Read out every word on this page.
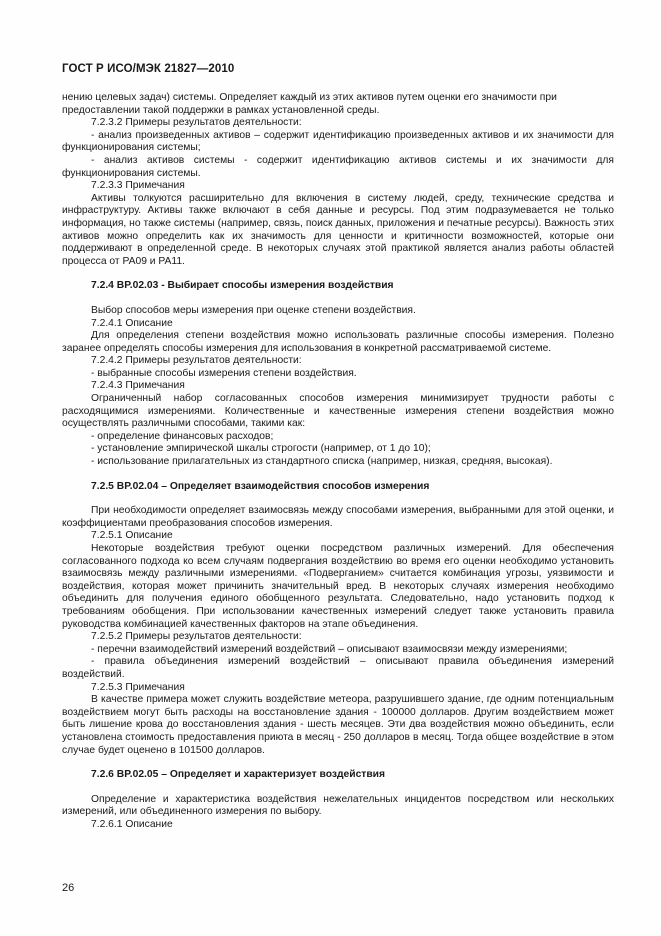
ГОСТ Р ИСО/МЭК 21827—2010

нению целевых задач) системы. Определяет каждый из этих активов путем оценки его значимости при предоставлении такой поддержки в рамках установленной среды.

7.2.3.2 Примеры результатов деятельности:

- анализ произведенных активов – содержит идентификацию произведенных активов и их значимости для функционирования системы;

- анализ активов системы - содержит идентификацию активов системы и их значимости для функционирования системы.

7.2.3.3 Примечания

Активы толкуются расширительно для включения в систему людей, среду, технические средства и инфраструктуру. Активы также включают в себя данные и ресурсы. Под этим подразумевается не только информация, но также системы (например, связь, поиск данных, приложения и печатные ресурсы). Важность этих активов можно определить как их значимость для ценности и критичности возможностей, которые они поддерживают в определенной среде. В некоторых случаях этой практикой является анализ работы областей процесса от PA09 и PA11.

7.2.4 BP.02.03 - Выбирает способы измерения воздействия

Выбор способов меры измерения при оценке степени воздействия.

7.2.4.1 Описание

Для определения степени воздействия можно использовать различные способы измерения. Полезно заранее определять способы измерения для использования в конкретной рассматриваемой системе.

7.2.4.2 Примеры результатов деятельности:

- выбранные способы измерения степени воздействия.

7.2.4.3 Примечания

Ограниченный набор согласованных способов измерения минимизирует трудности работы с расходящимися измерениями. Количественные и качественные измерения степени воздействия можно осуществлять различными способами, такими как:

- определение финансовых расходов;

- установление эмпирической шкалы строгости (например, от 1 до 10);

- использование прилагательных из стандартного списка (например, низкая, средняя, высокая).

7.2.5 BP.02.04 – Определяет взаимодействия способов измерения

При необходимости определяет взаимосвязь между способами измерения, выбранными для этой оценки, и коэффициентами преобразования способов измерения.

7.2.5.1 Описание

Некоторые воздействия требуют оценки посредством различных измерений. Для обеспечения согласованного подхода ко всем случаям подвергания воздействию во время его оценки необходимо установить взаимосвязь между различными измерениями. «Подверганием» считается комбинация угрозы, уязвимости и воздействия, которая может причинить значительный вред. В некоторых случаях измерения необходимо объединить для получения единого обобщенного результата. Следовательно, надо установить подход к требованиям обобщения. При использовании качественных измерений следует также установить правила руководства комбинацией качественных факторов на этапе объединения.

7.2.5.2 Примеры результатов деятельности:

- перечни взаимодействий измерений воздействий – описывают взаимосвязи между измерениями;

- правила объединения измерений воздействий – описывают правила объединения измерений воздействий.

7.2.5.3 Примечания

В качестве примера может служить воздействие метеора, разрушившего здание, где одним потенциальным воздействием могут быть расходы на восстановление здания - 100000 долларов. Другим воздействием может быть лишение крова до восстановления здания - шесть месяцев. Эти два воздействия можно объединить, если установлена стоимость предоставления приюта в месяц - 250 долларов в месяц. Тогда общее воздействие в этом случае будет оценено в 101500 долларов.

7.2.6 BP.02.05 – Определяет и характеризует воздействия

Определение и характеристика воздействия нежелательных инцидентов посредством или нескольких измерений, или объединенного измерения по выбору.

7.2.6.1 Описание

26
